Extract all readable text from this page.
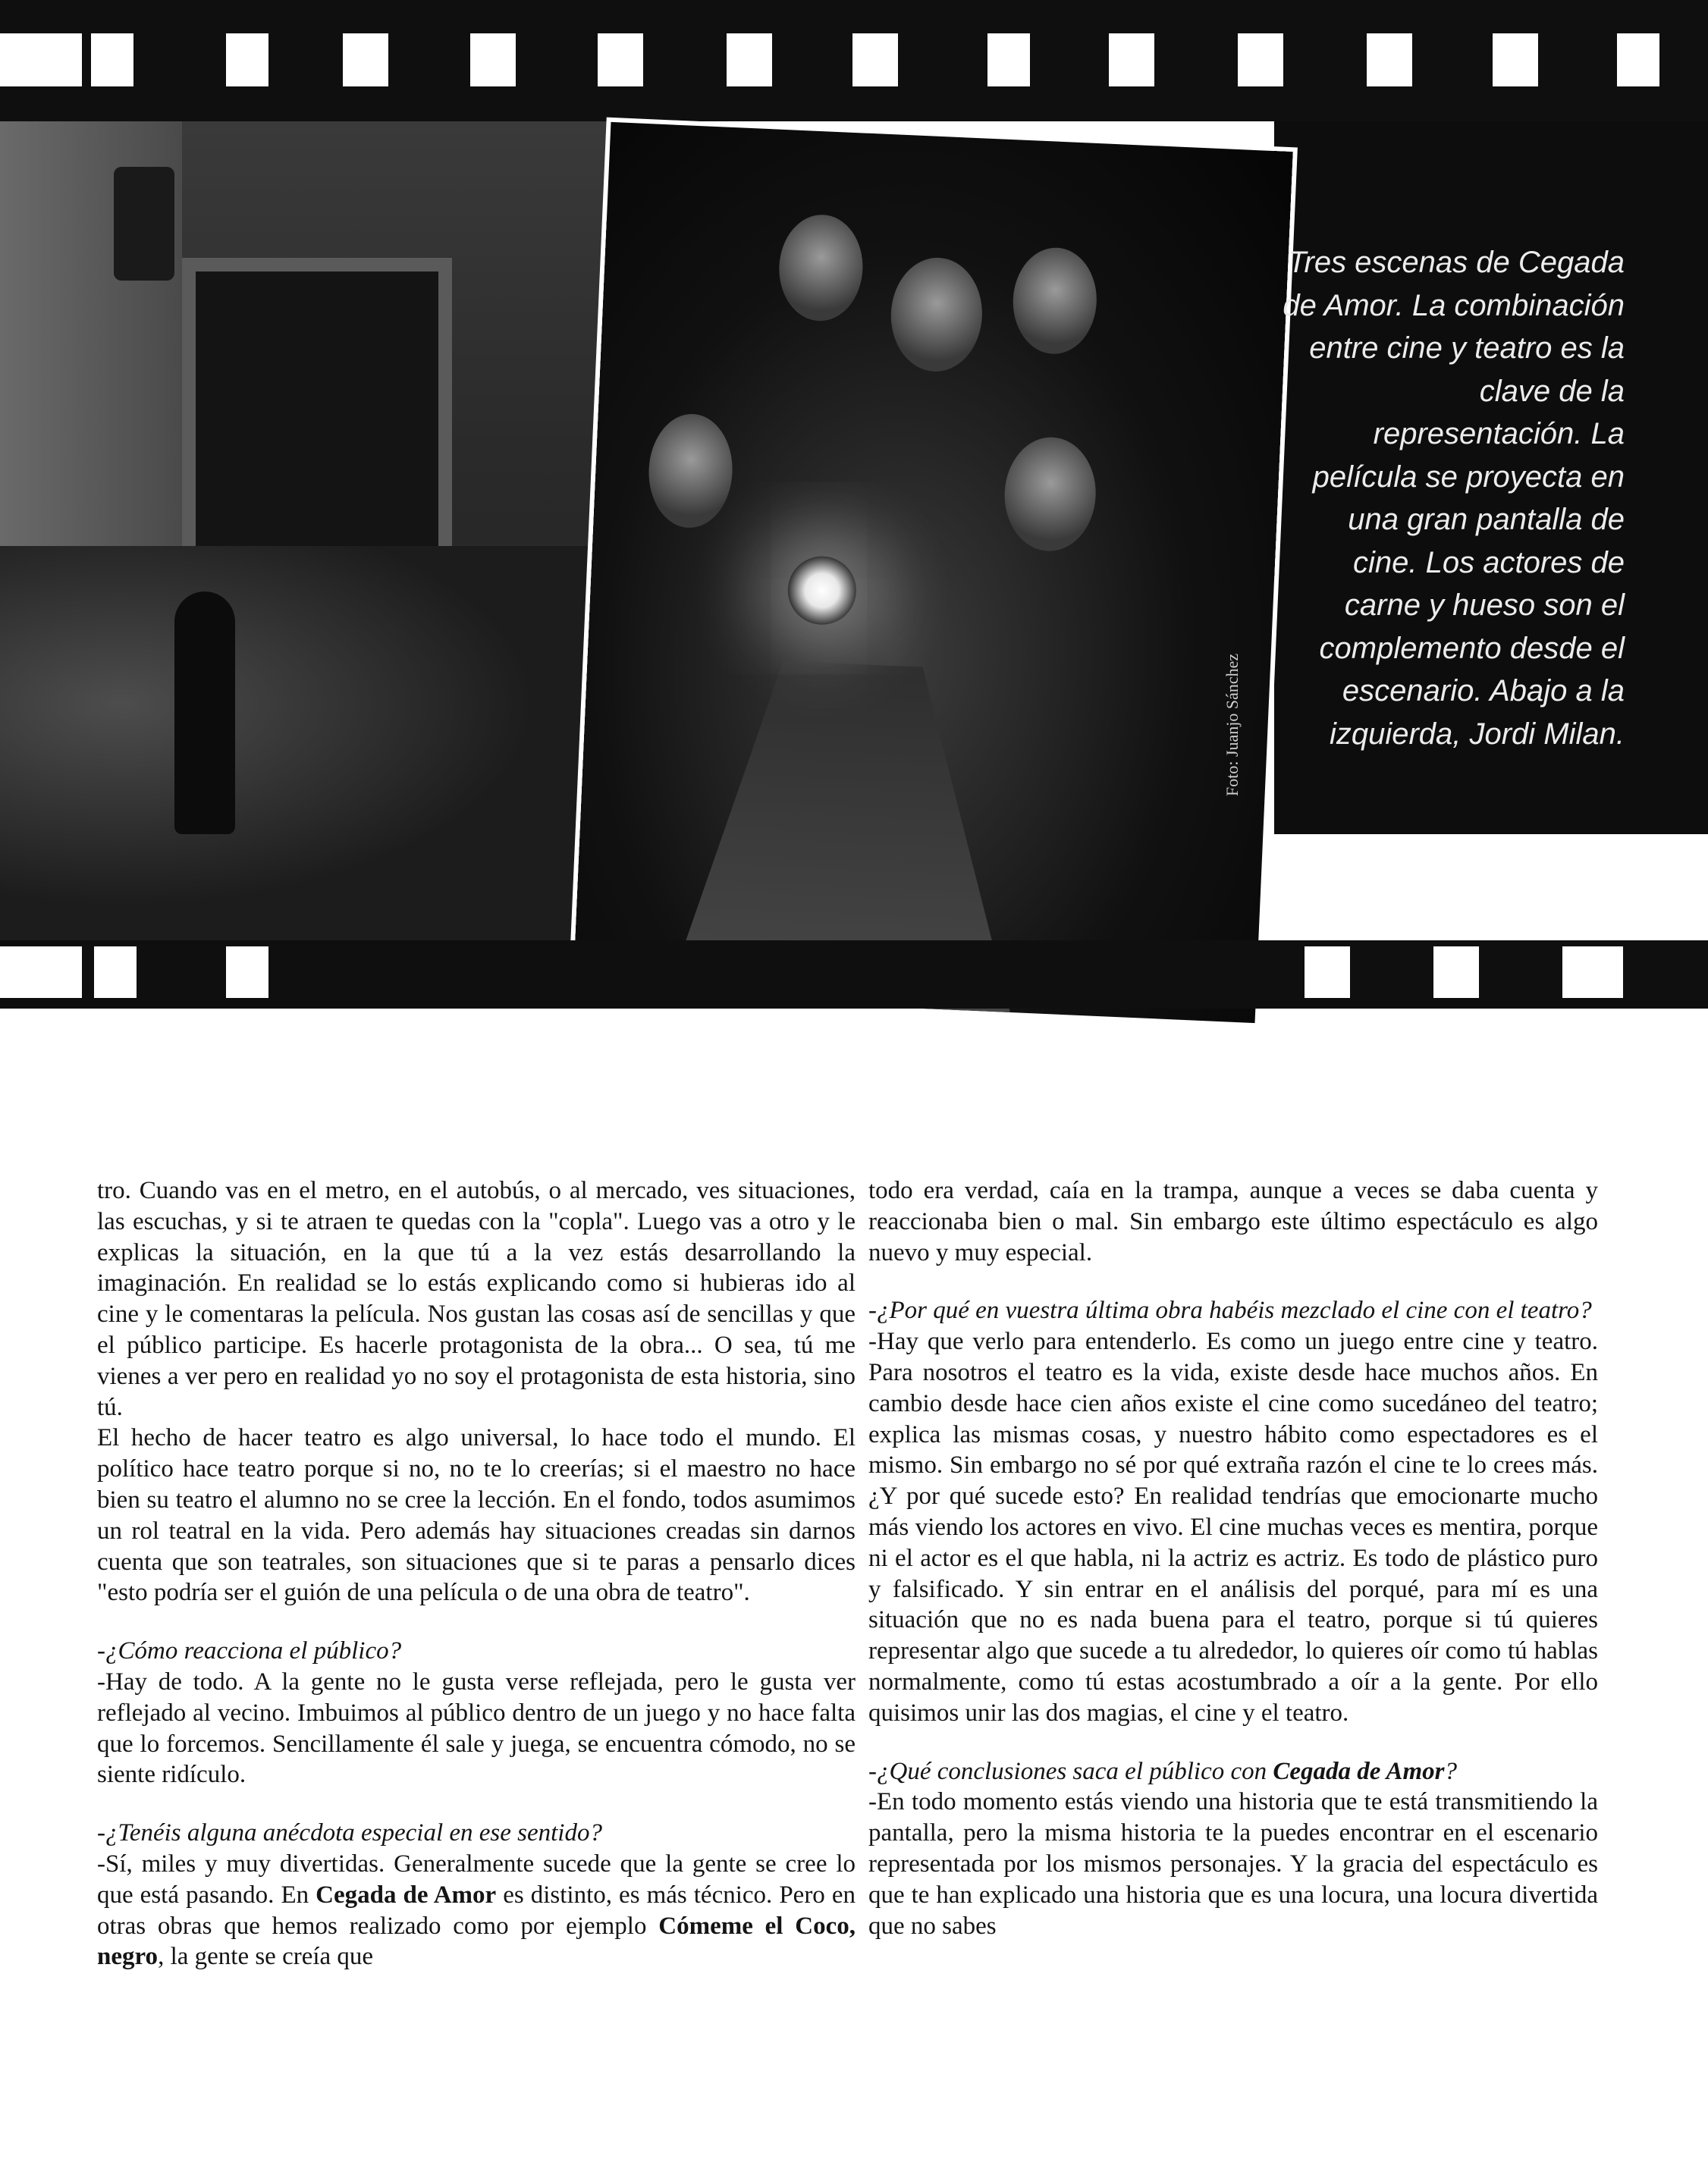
Foto: Juanjo Sánchez
Tres escenas de Cegada de Amor. La combinación entre cine y teatro es la clave de la representación. La película se proyecta en una gran pantalla de cine. Los actores de carne y hueso son el complemento desde el escenario. Abajo a la izquierda, Jordi Milan.

tro. Cuando vas en el metro, en el autobús, o al mercado, ves situaciones, las escuchas, y si te atraen te quedas con la "copla". Luego vas a otro y le explicas la situación, en la que tú a la vez estás desarrollando la imaginación. En realidad se lo estás explicando como si hubieras ido al cine y le comentaras la película. Nos gustan las cosas así de sencillas y que el público participe. Es hacerle protagonista de la obra... O sea, tú me vienes a ver pero en realidad yo no soy el protagonista de esta historia, sino tú.

El hecho de hacer teatro es algo universal, lo hace todo el mundo. El político hace teatro porque si no, no te lo creerías; si el maestro no hace bien su teatro el alumno no se cree la lección. En el fondo, todos asumimos un rol teatral en la vida. Pero además hay situaciones creadas sin darnos cuenta que son teatrales, son situaciones que si te paras a pensarlo dices "esto podría ser el guión de una película o de una obra de teatro".

-¿Cómo reacciona el público?

-Hay de todo. A la gente no le gusta verse reflejada, pero le gusta ver reflejado al vecino. Imbuimos al público dentro de un juego y no hace falta que lo forcemos. Sencillamente él sale y juega, se encuentra cómodo, no se siente ridículo.

-¿Tenéis alguna anécdota especial en ese sentido?

-Sí, miles y muy divertidas. Generalmente sucede que la gente se cree lo que está pasando. En Cegada de Amor es distinto, es más técnico. Pero en otras obras que hemos realizado como por ejemplo Cómeme el Coco, negro, la gente se creía que

todo era verdad, caía en la trampa, aunque a veces se daba cuenta y reaccionaba bien o mal. Sin embargo este último espectáculo es algo nuevo y muy especial.

-¿Por qué en vuestra última obra habéis mezclado el cine con el teatro?

-Hay que verlo para entenderlo. Es como un juego entre cine y teatro. Para nosotros el teatro es la vida, existe desde hace muchos años. En cambio desde hace cien años existe el cine como sucedáneo del teatro; explica las mismas cosas, y nuestro hábito como espectadores es el mismo. Sin embargo no sé por qué extraña razón el cine te lo crees más. ¿Y por qué sucede esto? En realidad tendrías que emocionarte mucho más viendo los actores en vivo. El cine muchas veces es mentira, porque ni el actor es el que habla, ni la actriz es actriz. Es todo de plástico puro y falsificado. Y sin entrar en el análisis del porqué, para mí es una situación que no es nada buena para el teatro, porque si tú quieres representar algo que sucede a tu alrededor, lo quieres oír como tú hablas normalmente, como tú estas acostumbrado a oír a la gente. Por ello quisimos unir las dos magias, el cine y el teatro.

-¿Qué conclusiones saca el público con Cegada de Amor?

-En todo momento estás viendo una historia que te está transmitiendo la pantalla, pero la misma historia te la puedes encontrar en el escenario representada por los mismos personajes. Y la gracia del espectáculo es que te han explicado una historia que es una locura, una locura divertida que no sabes
